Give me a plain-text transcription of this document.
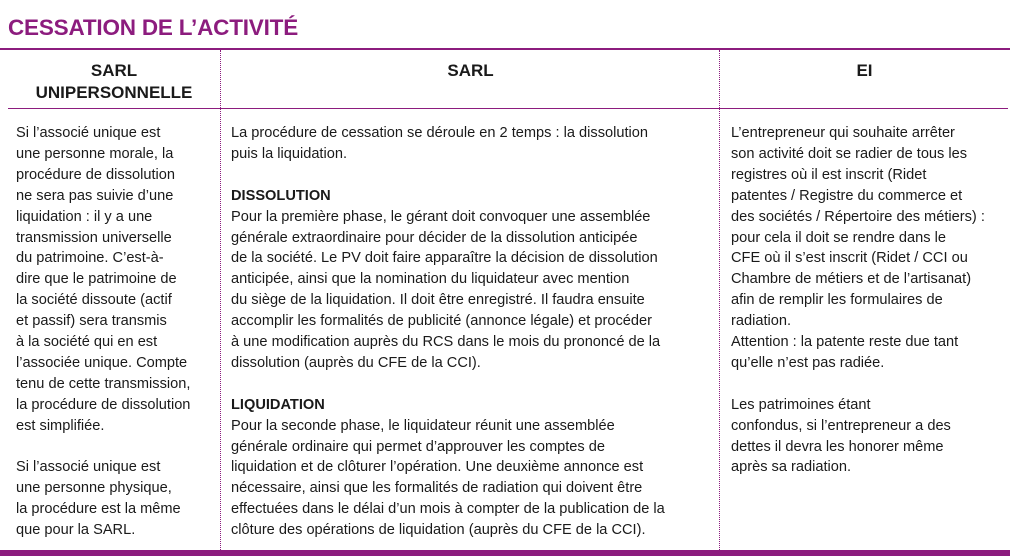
CESSATION DE L’ACTIVITÉ
SARL
UNIPERSONNELLE
SARL	EI

Si l’associé unique est
une personne morale, la
procédure de dissolution
ne sera pas suivie d’une
liquidation : il y a une
transmission universelle
du patrimoine. C’est-à-
dire que le patrimoine de
la société dissoute (actif
et passif) sera transmis
à la société qui en est
l’associée unique. Compte
tenu de cette transmission,
la procédure de dissolution
est simplifiée.

Si l’associé unique est
une personne physique,
la procédure est la même
que pour la SARL.

La procédure de cessation se déroule en 2 temps : la dissolution
puis la liquidation.

DISSOLUTION

Pour la première phase, le gérant doit convoquer une assemblée
générale extraordinaire pour décider de la dissolution anticipée
de la société. Le PV doit faire apparaître la décision de dissolution
anticipée, ainsi que la nomination du liquidateur avec mention
du siège de la liquidation. Il doit être enregistré. Il faudra ensuite
accomplir les formalités de publicité (annonce légale) et procéder
à une modification auprès du RCS dans le mois du prononcé de la
dissolution (auprès du CFE de la CCI).

LIQUIDATION

Pour la seconde phase, le liquidateur réunit une assemblée
générale ordinaire qui permet d’approuver les comptes de
liquidation et de clôturer l’opération. Une deuxième annonce est
nécessaire, ainsi que les formalités de radiation qui doivent être
effectuées dans le délai d’un mois à compter de la publication de la
clôture des opérations de liquidation (auprès du CFE de la CCI).

L’entrepreneur qui souhaite arrêter
son activité doit se radier de tous les
registres où il est inscrit (Ridet
patentes / Registre du commerce et
des sociétés / Répertoire des métiers) :
pour cela il doit se rendre dans le
CFE où il s’est inscrit (Ridet / CCI ou
Chambre de métiers et de l’artisanat)
afin de remplir les formulaires de
radiation.
Attention : la patente reste due tant
qu’elle n’est pas radiée.

Les patrimoines étant
confondus, si l’entrepreneur a des
dettes il devra les honorer même
après sa radiation.
